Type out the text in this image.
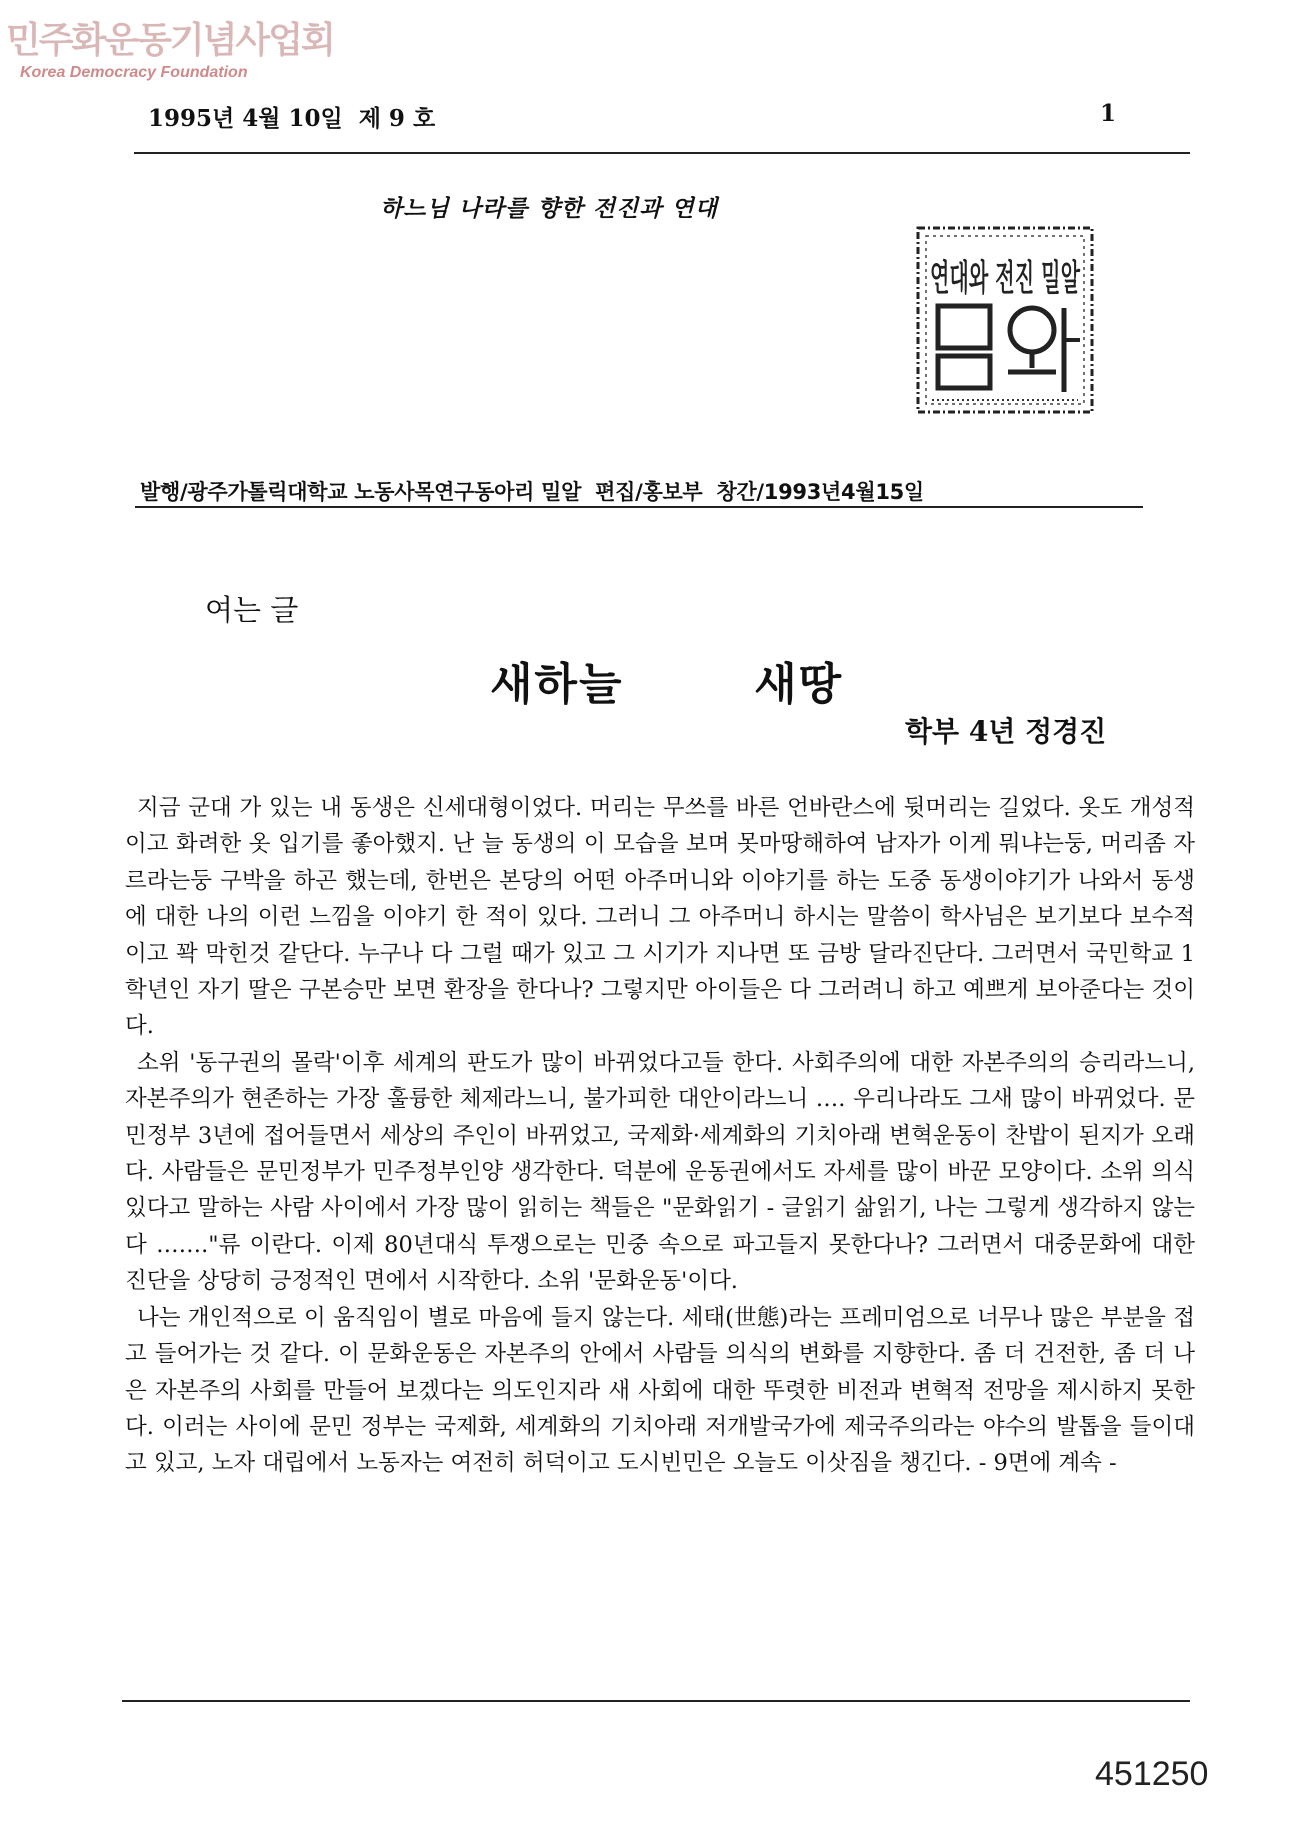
민주화운동기념사업회
Korea Democracy Foundation
1995년 4월 10일  제 9 호	1
하느님 나라를 향한 전진과 연대
연대와 전진 밀알
발행/광주가톨릭대학교 노동사목연구동아리 밀알  편집/홍보부  창간/1993년4월15일
여는 글
새하늘  새땅
학부 4년 정경진

지금 군대 가 있는 내 동생은 신세대형이었다. 머리는 무쓰를 바른 언바란스에 뒷머리는 길었다. 옷도 개성적이고 화려한 옷 입기를 좋아했지. 난 늘 동생의 이 모습을 보며 못마땅해하여 남자가 이게 뭐냐는둥, 머리좀 자르라는둥 구박을 하곤 했는데, 한번은 본당의 어떤 아주머니와 이야기를 하는 도중 동생이야기가 나와서 동생에 대한 나의 이런 느낌을 이야기 한 적이 있다. 그러니 그 아주머니 하시는 말씀이 학사님은 보기보다 보수적이고 꽉 막힌것 같단다. 누구나 다 그럴 때가 있고 그 시기가 지나면 또 금방 달라진단다. 그러면서 국민학교 1학년인 자기 딸은 구본승만 보면 환장을 한다나? 그렇지만 아이들은 다 그러려니 하고 예쁘게 보아준다는 것이다.

소위 '동구권의 몰락'이후 세계의 판도가 많이 바뀌었다고들 한다. 사회주의에 대한 자본주의의 승리라느니, 자본주의가 현존하는 가장 훌륭한 체제라느니, 불가피한 대안이라느니 …. 우리나라도 그새 많이 바뀌었다. 문민정부 3년에 접어들면서 세상의 주인이 바뀌었고, 국제화·세계화의 기치아래 변혁운동이 찬밥이 된지가 오래다. 사람들은 문민정부가 민주정부인양 생각한다. 덕분에 운동권에서도 자세를 많이 바꾼 모양이다. 소위 의식있다고 말하는 사람 사이에서 가장 많이 읽히는 책들은 "문화읽기 - 글읽기 삶읽기, 나는 그렇게 생각하지 않는다 ……."류 이란다. 이제 80년대식 투쟁으로는 민중 속으로 파고들지 못한다나? 그러면서 대중문화에 대한 진단을 상당히 긍정적인 면에서 시작한다. 소위 '문화운동'이다.

나는 개인적으로 이 움직임이 별로 마음에 들지 않는다. 세태(世態)라는 프레미엄으로 너무나 많은 부분을 접고 들어가는 것 같다. 이 문화운동은 자본주의 안에서 사람들 의식의 변화를 지향한다. 좀 더 건전한, 좀 더 나은 자본주의 사회를 만들어 보겠다는 의도인지라 새 사회에 대한 뚜렷한 비전과 변혁적 전망을 제시하지 못한다. 이러는 사이에 문민 정부는 국제화, 세계화의 기치아래 저개발국가에 제국주의라는 야수의 발톱을 들이대고 있고, 노자 대립에서 노동자는 여전히 허덕이고 도시빈민은 오늘도 이삿짐을 챙긴다. - 9면에 계속 -

451250
